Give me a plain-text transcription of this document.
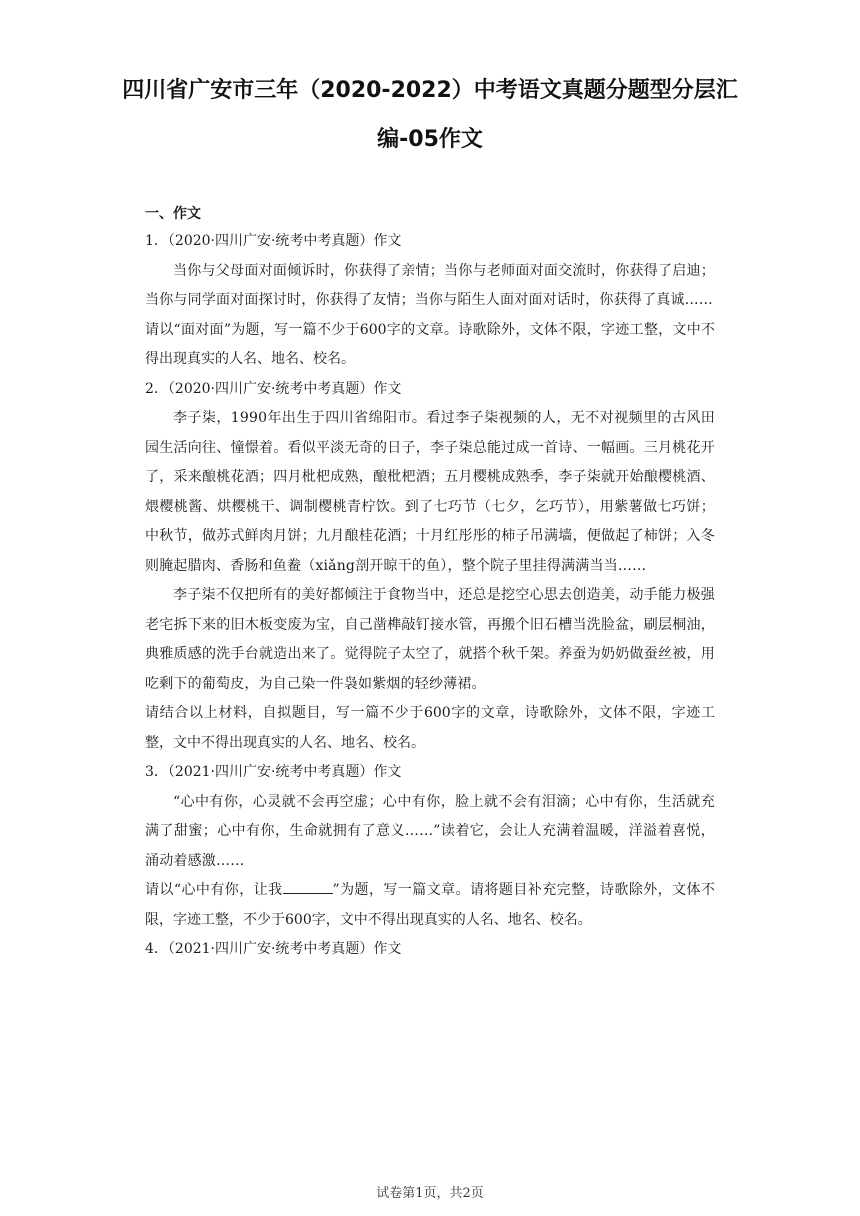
四川省广安市三年（2020-2022）中考语文真题分题型分层汇
编-05作文
一、作文

1．（2020·四川广安·统考中考真题）作文

当你与父母面对面倾诉时，你获得了亲情；当你与老师面对面交流时，你获得了启迪；当你与同学面对面探讨时，你获得了友情；当你与陌生人面对面对话时，你获得了真诚……

请以“面对面”为题，写一篇不少于600字的文章。诗歌除外，文体不限，字迹工整，文中不得出现真实的人名、地名、校名。

2．（2020·四川广安·统考中考真题）作文

李子柒，1990年出生于四川省绵阳市。看过李子柒视频的人，无不对视频里的古风田园生活向往、憧憬着。看似平淡无奇的日子，李子柒总能过成一首诗、一幅画。三月桃花开了，采来酿桃花酒；四月枇杷成熟，酿枇杷酒；五月樱桃成熟季，李子柒就开始酿樱桃酒、煨樱桃酱、烘樱桃干、调制樱桃青柠饮。到了七巧节（七夕，乞巧节），用紫薯做七巧饼；中秋节，做苏式鲜肉月饼；九月酿桂花酒；十月红彤彤的柿子吊满墙，便做起了柿饼；入冬则腌起腊肉、香肠和鱼鲞（xiǎng剖开晾干的鱼），整个院子里挂得满满当当……

李子柒不仅把所有的美好都倾注于食物当中，还总是挖空心思去创造美，动手能力极强老宅拆下来的旧木板变废为宝，自己凿榫敲钉接水管，再搬个旧石槽当洗脸盆，刷层桐油，典雅质感的洗手台就造出来了。觉得院子太空了，就搭个秋千架。养蚕为奶奶做蚕丝被，用吃剩下的葡萄皮，为自己染一件袅如紫烟的轻纱薄裙。

请结合以上材料，自拟题目，写一篇不少于600字的文章，诗歌除外，文体不限，字迹工整，文中不得出现真实的人名、地名、校名。

3．（2021·四川广安·统考中考真题）作文

“心中有你，心灵就不会再空虚；心中有你，脸上就不会有泪滴；心中有你，生活就充满了甜蜜；心中有你，生命就拥有了意义……”读着它，会让人充满着温暖，洋溢着喜悦，涌动着感激……

请以“心中有你，让我	”为题，写一篇文章。请将题目补充完整，诗歌除外，文体不限，字迹工整，不少于600字，文中不得出现真实的人名、地名、校名。

4．（2021·四川广安·统考中考真题）作文

试卷第1页，共2页
